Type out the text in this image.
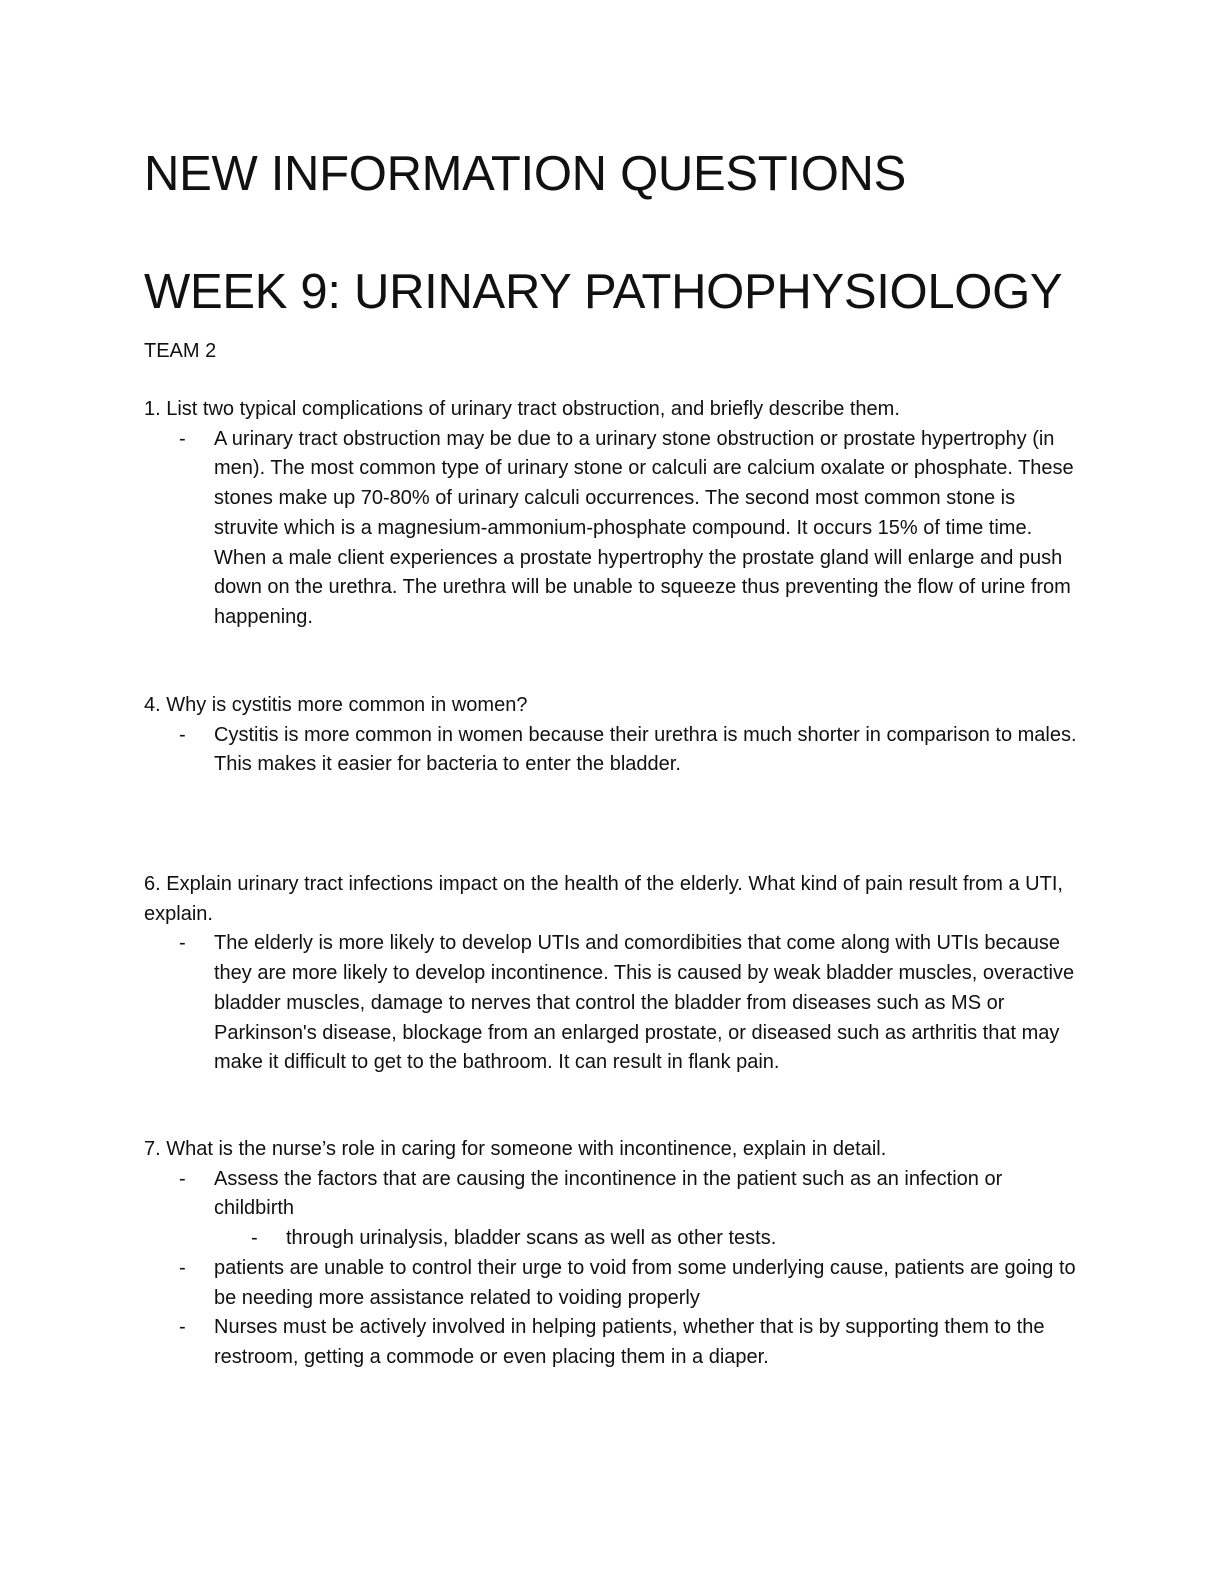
NEW INFORMATION QUESTIONS
WEEK 9: URINARY PATHOPHYSIOLOGY

TEAM 2

1. List two typical complications of urinary tract obstruction, and briefly describe them.

- A urinary tract obstruction may be due to a urinary stone obstruction or prostate hypertrophy (in men). The most common type of urinary stone or calculi are calcium oxalate or phosphate. These stones make up 70-80% of urinary calculi occurrences. The second most common stone is struvite which is a magnesium-ammonium-phosphate compound. It occurs 15% of time time. When a male client experiences a prostate hypertrophy the prostate gland will enlarge and push down on the urethra. The urethra will be unable to squeeze thus preventing the flow of urine from happening.

4. Why is cystitis more common in women?

- Cystitis is more common in women because their urethra is much shorter in comparison to males. This makes it easier for bacteria to enter the bladder.

6. Explain urinary tract infections impact on the health of the elderly. What kind of pain result from a UTI, explain.

- The elderly is more likely to develop UTIs and comordibities that come along with UTIs because they are more likely to develop incontinence. This is caused by weak bladder muscles, overactive bladder muscles, damage to nerves that control the bladder from diseases such as MS or Parkinson's disease, blockage from an enlarged prostate, or diseased such as arthritis that may make it difficult to get to the bathroom. It can result in flank pain.

7. What is the nurse’s role in caring for someone with incontinence, explain in detail.

- Assess the factors that are causing the incontinence in the patient such as an infection or childbirth
- through urinalysis, bladder scans as well as other tests.
- patients are unable to control their urge to void from some underlying cause, patients are going to be needing more assistance related to voiding properly
- Nurses must be actively involved in helping patients, whether that is by supporting them to the restroom, getting a commode or even placing them in a diaper.
